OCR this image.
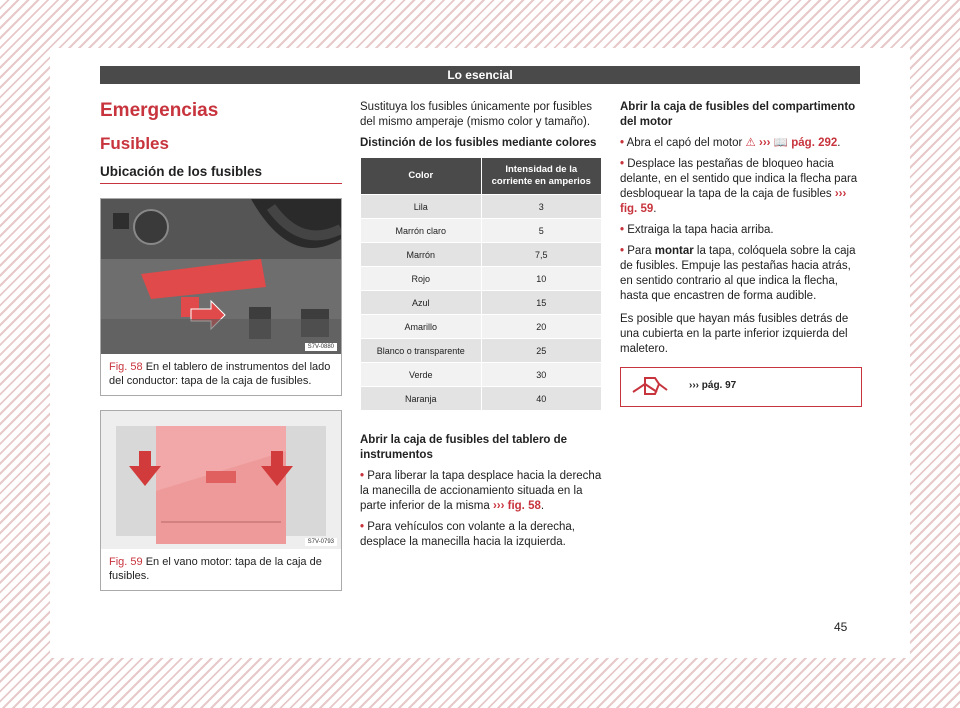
Lo esencial
Emergencias
Fusibles
Ubicación de los fusibles
S7V-0880
Fig. 58 En el tablero de instrumentos del lado del conductor: tapa de la caja de fusibles.
S7V-0793
Fig. 59 En el vano motor: tapa de la caja de fusibles.

Sustituya los fusibles únicamente por fusibles del mismo amperaje (mismo color y tamaño).

Distinción de los fusibles mediante colores

Color	Intensidad de la corriente en amperios
Lila	3
Marrón claro	5
Marrón	7,5
Rojo	10
Azul	15
Amarillo	20
Blanco o transparente	25
Verde	30
Naranja	40

Abrir la caja de fusibles del tablero de instrumentos

• Para liberar la tapa desplace hacia la derecha la manecilla de accionamiento situada en la parte inferior de la misma ››› fig. 58.

• Para vehículos con volante a la derecha, desplace la manecilla hacia la izquierda.

Abrir la caja de fusibles del compartimento del motor

• Abra el capó del motor ⚠ ››› 📖 pág. 292.

• Desplace las pestañas de bloqueo hacia delante, en el sentido que indica la flecha para desbloquear la tapa de la caja de fusibles ››› fig. 59.

• Extraiga la tapa hacia arriba.

• Para montar la tapa, colóquela sobre la caja de fusibles. Empuje las pestañas hacia atrás, en sentido contrario al que indica la flecha, hasta que encastren de forma audible.

Es posible que hayan más fusibles detrás de una cubierta en la parte inferior izquierda del maletero.

››› pág. 97
45
